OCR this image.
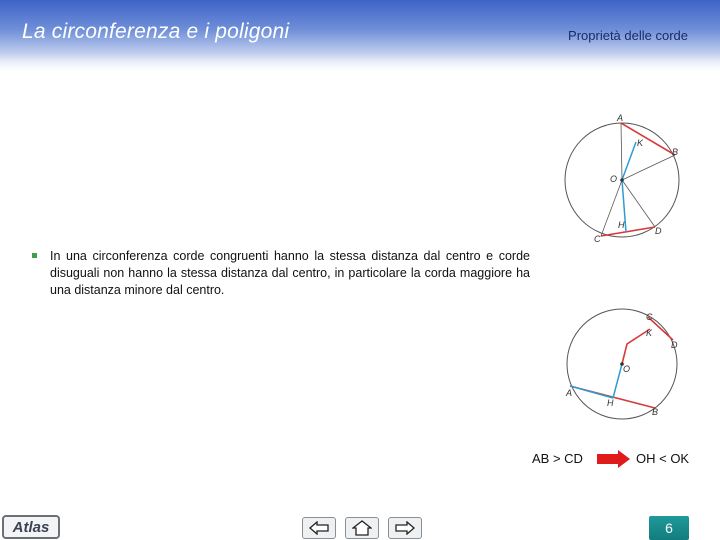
La circonferenza e i poligoni	Proprietà delle corde
A
K
B
O
C
H
D
In una circonferenza corde congruenti hanno la stessa distanza dal centro e corde disuguali non hanno la stessa distanza dal centro, in particolare la corda maggiore ha una distanza minore dal centro.
C
K
D
O
A
H
B
AB > CD	OH < OK
Atlas	6
